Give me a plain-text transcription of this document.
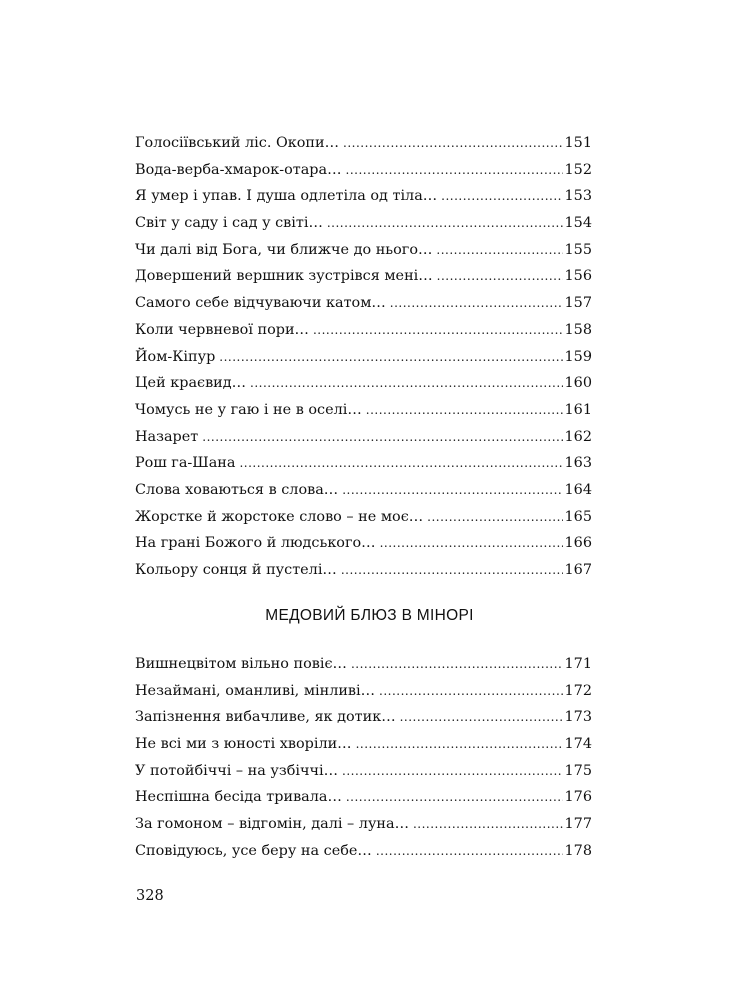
Голосіївський ліс. Окопи… .....	151
Вода-верба-хмарок-отара… .....	152
Я умер і упав. І душа одлетіла од тіла… .....	153
Світ у саду і сад у світі… .....	154
Чи далі від Бога, чи ближче до нього… .....	155
Довершений вершник зустрівся мені… .....	156
Самого себе відчуваючи катом… .....	157
Коли червневої пори… .....	158
Йом-Кіпур .....	159
Цей краєвид… .....	160
Чомусь не у гаю і не в оселі… .....	161
Назарет .....	162
Рош га-Шана .....	163
Слова ховаються в слова… .....	164
Жорстке й жорстоке слово – не моє… .....	165
На грані Божого й людського… .....	166
Кольору сонця й пустелі… .....	167
МЕДОВИЙ БЛЮЗ В МІНОРІ
Вишнецвітом вільно повіє… .....	171
Незаймані, оманливі, мінливі… .....	172
Запізнення вибачливе, як дотик… .....	173
Не всі ми з юності хворіли… .....	174
У потойбіччі – на узбіччі… .....	175
Неспішна бесіда тривала… .....	176
За гомоном – відгомін, далі – луна… .....	177
Сповідуюсь, усе беру на себе… .....	178
328
